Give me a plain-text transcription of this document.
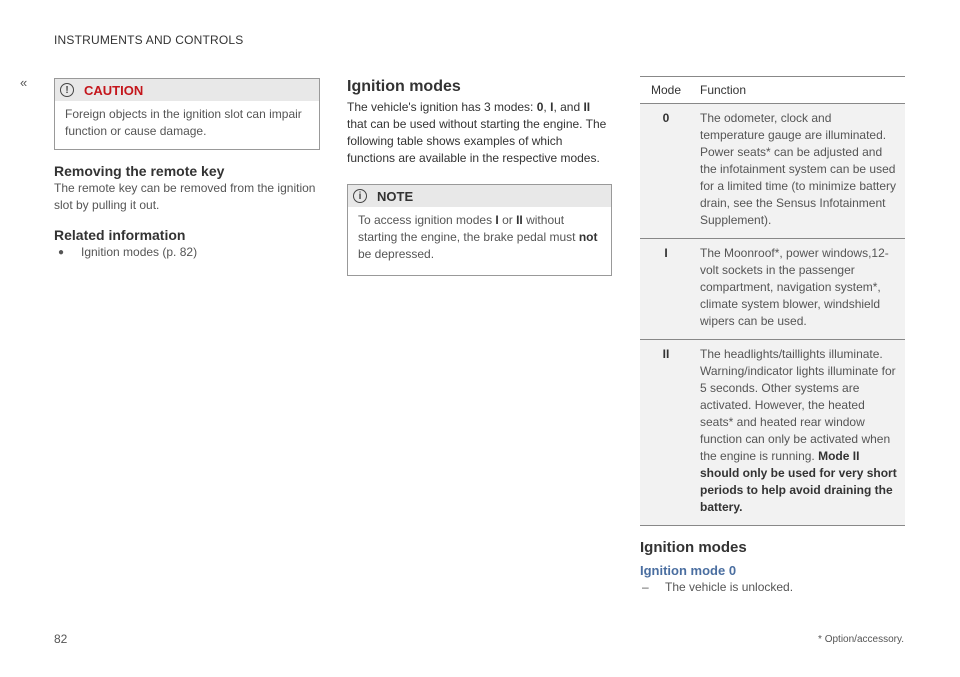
INSTRUMENTS AND CONTROLS
«	!	CAUTION
Foreign objects in the ignition slot can impair function or cause damage.
Removing the remote key

The remote key can be removed from the ignition slot by pulling it out.

Related information
●	Ignition modes (p. 82)
Ignition modes

The vehicle's ignition has 3 modes: 0, I, and II that can be used without starting the engine. The following table shows examples of which functions are available in the respective modes.

i	NOTE
To access ignition modes I or II without starting the engine, the brake pedal must not be depressed.
Mode	Function
0	The odometer, clock and temperature gauge are illuminated. Power seats* can be adjusted and the infotainment system can be used for a limited time (to minimize battery drain, see the Sensus Infotainment Supplement).
I	The Moonroof*, power windows,12-volt sockets in the passenger compartment, navigation system*, climate system blower, windshield wipers can be used.
II	The headlights/taillights illuminate. Warning/indicator lights illuminate for 5 seconds. Other systems are activated. However, the heated seats* and heated rear window function can only be activated when the engine is running. Mode II should only be used for very short periods to help avoid draining the battery.
Ignition modes
Ignition mode 0
–	The vehicle is unlocked.
82	* Option/accessory.
